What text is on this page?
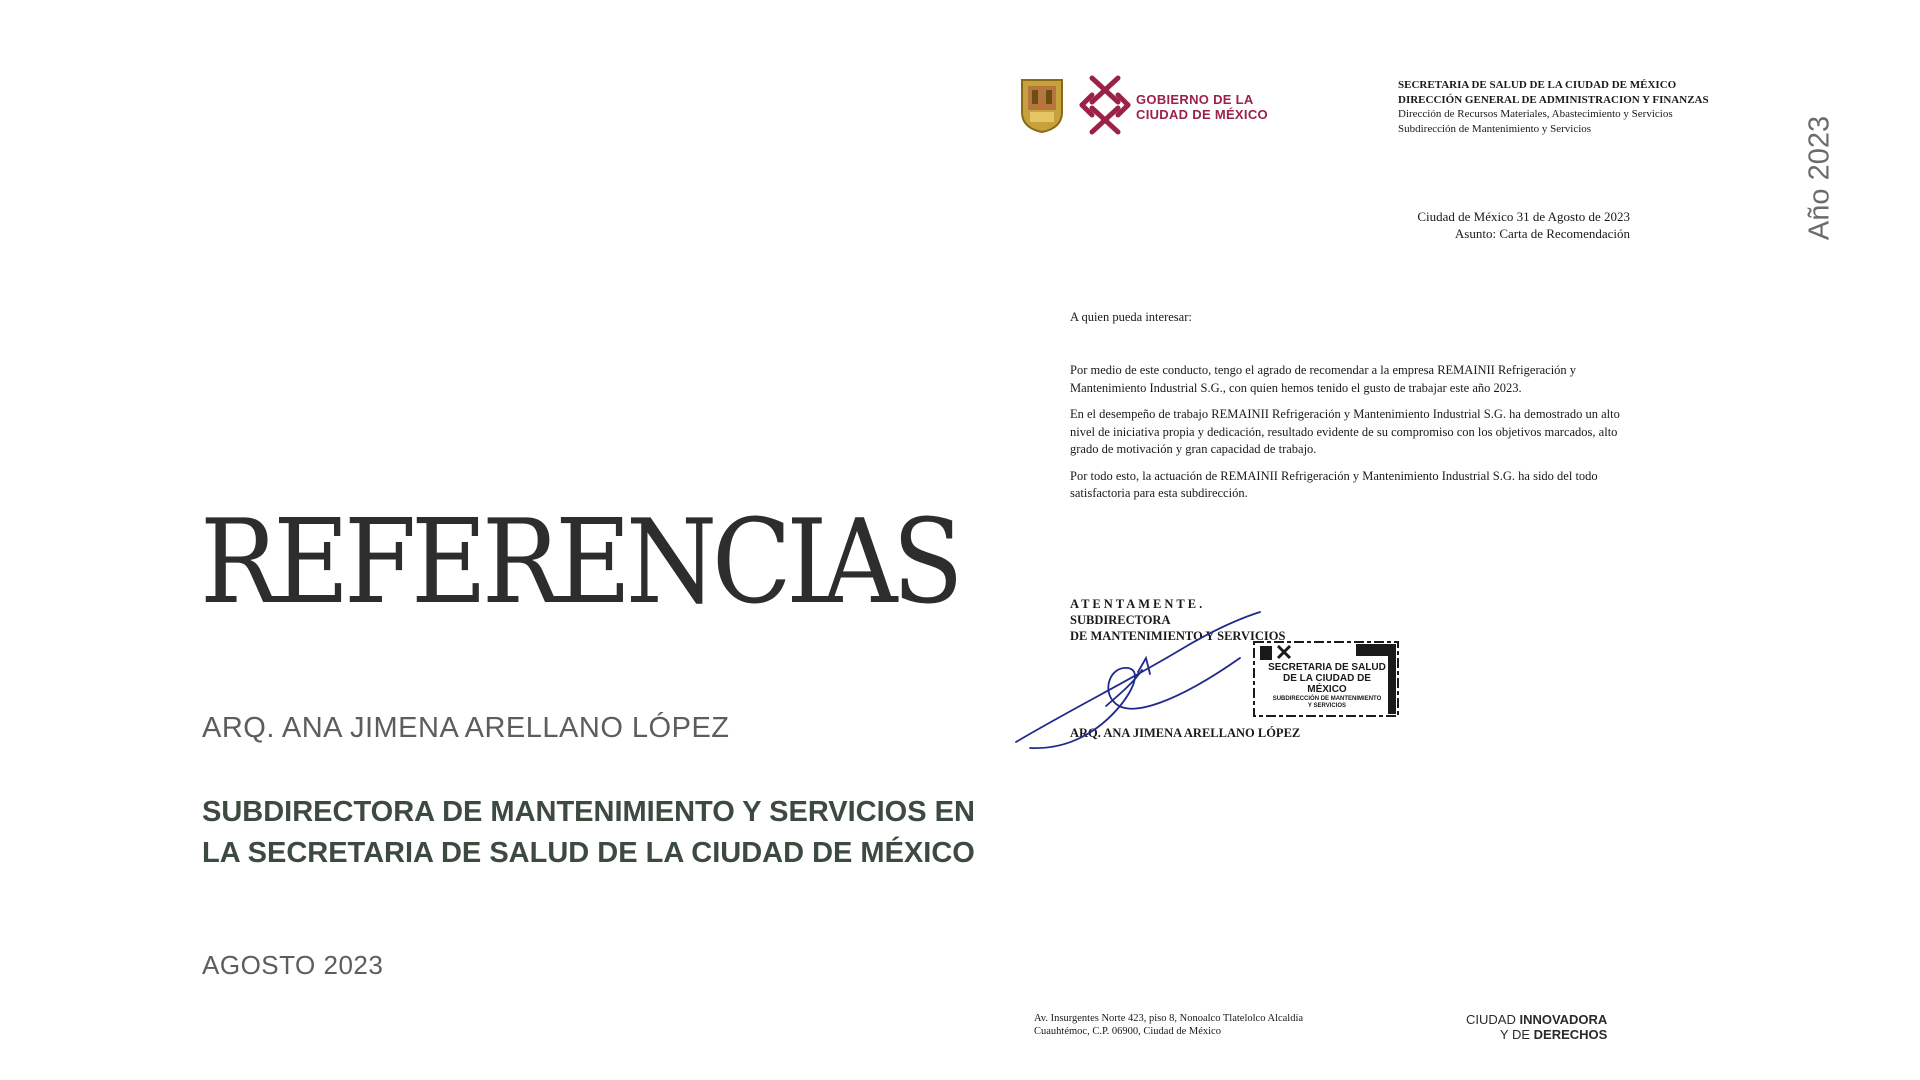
REFERENCIAS
ARQ. ANA JIMENA ARELLANO LÓPEZ
SUBDIRECTORA DE MANTENIMIENTO Y SERVICIOS EN LA SECRETARIA DE SALUD DE LA CIUDAD DE MÉXICO
AGOSTO 2023
Año 2023
GOBIERNO DE LA
CIUDAD DE MÉXICO
SECRETARIA DE SALUD DE LA CIUDAD DE MÉXICO
DIRECCIÓN GENERAL DE ADMINISTRACION Y FINANZAS
Dirección de Recursos Materiales, Abastecimiento y Servicios
Subdirección de Mantenimiento y Servicios
Ciudad de México 31 de Agosto de 2023
Asunto: Carta de Recomendación
A quien pueda interesar:

Por medio de este conducto, tengo el agrado de recomendar a la empresa REMAINII Refrigeración y Mantenimiento Industrial S.G., con quien hemos tenido el gusto de trabajar este año 2023.

En el desempeño de trabajo REMAINII Refrigeración y Mantenimiento Industrial S.G. ha demostrado un alto nivel de iniciativa propia y dedicación, resultado evidente de su compromiso con los objetivos marcados, alto grado de motivación y gran capacidad de trabajo.

Por todo esto, la actuación de REMAINII Refrigeración y Mantenimiento Industrial S.G. ha sido del todo satisfactoria para esta subdirección.

ATENTAMENTE.
SUBDIRECTORA
DE MANTENIMIENTO Y SERVICIOS
SECRETARIA DE SALUD
DE LA CIUDAD DE MÉXICO
SUBDIRECCIÓN DE MANTENIMIENTO
Y SERVICIOS
ARQ. ANA JIMENA ARELLANO LÓPEZ
Av. Insurgentes Norte 423, piso 8, Nonoalco Tlatelolco Alcaldía Cuauhtémoc, C.P. 06900, Ciudad de México
CIUDAD INNOVADORA
Y DE DERECHOS
